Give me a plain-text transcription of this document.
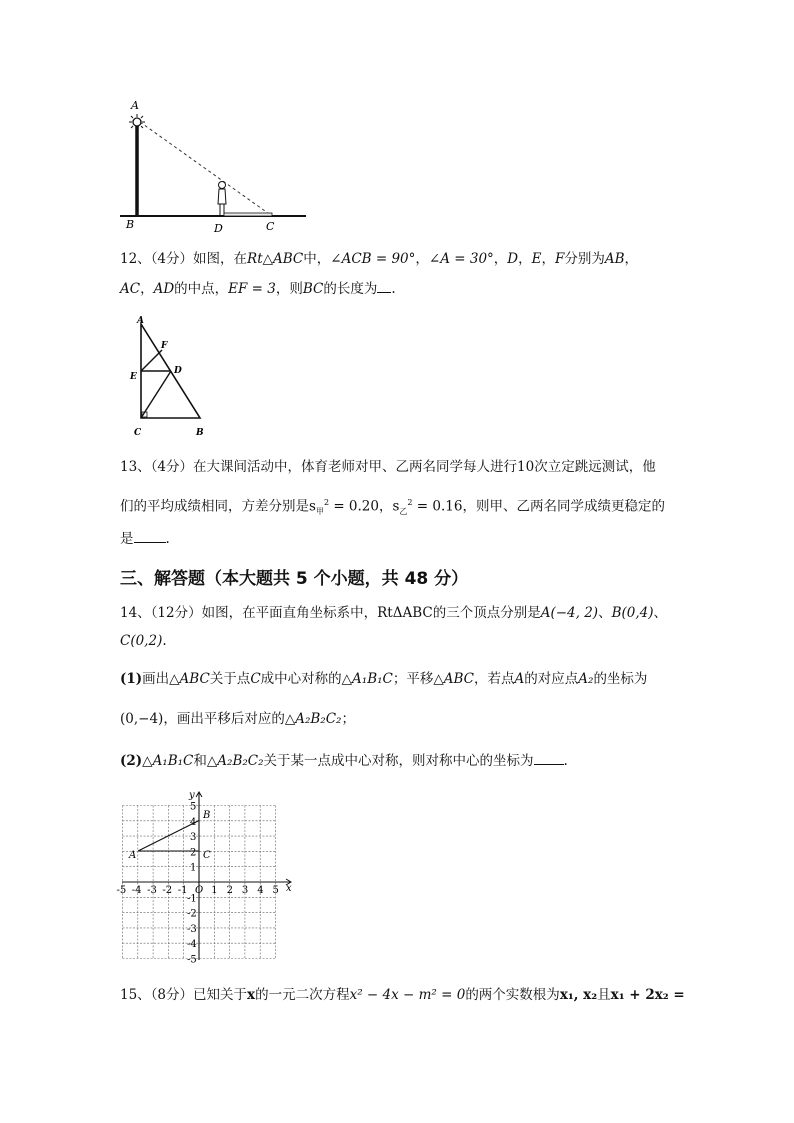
A
B	D	C
12、（4分）如图，在Rt△ABC中，∠ACB = 90°，∠A = 30°，D，E，F分别为AB，
AC，AD的中点，EF = 3，则BC的长度为 .
A
F
E
D
C	B
13、（4分）在大课间活动中，体育老师对甲、乙两名同学每人进行10次立定跳远测试，他
们的平均成绩相同，方差分别是$s_甲^2 = 0.20$，$s_乙^2 = 0.16$，则甲、乙两名同学成绩更稳定的
是 .
三、解答题（本大题共 5 个小题，共 48 分）
14、（12分）如图，在平面直角坐标系中，RtΔABC的三个顶点分别是A(−4, 2)、B(0,4)、
C(0,2).
(1)画出△ABC关于点C成中心对称的△A₁B₁C；平移△ABC，若点A的对应点A₂的坐标为
(0,−4)，画出平移后对应的△A₂B₂C₂；
(2)△A₁B₁C和△A₂B₂C₂关于某一点成中心对称，则对称中心的坐标为 .
-5 -4 -3 -2 -1 O 1 2 3 4 5
5
4
3
2
1
-1
-2
-3
-4
-5
x
y
A
B
C
15、（8分）已知关于x的一元二次方程x² − 4x − m² = 0的两个实数根为x₁, x₂且x₁ + 2x₂ =
